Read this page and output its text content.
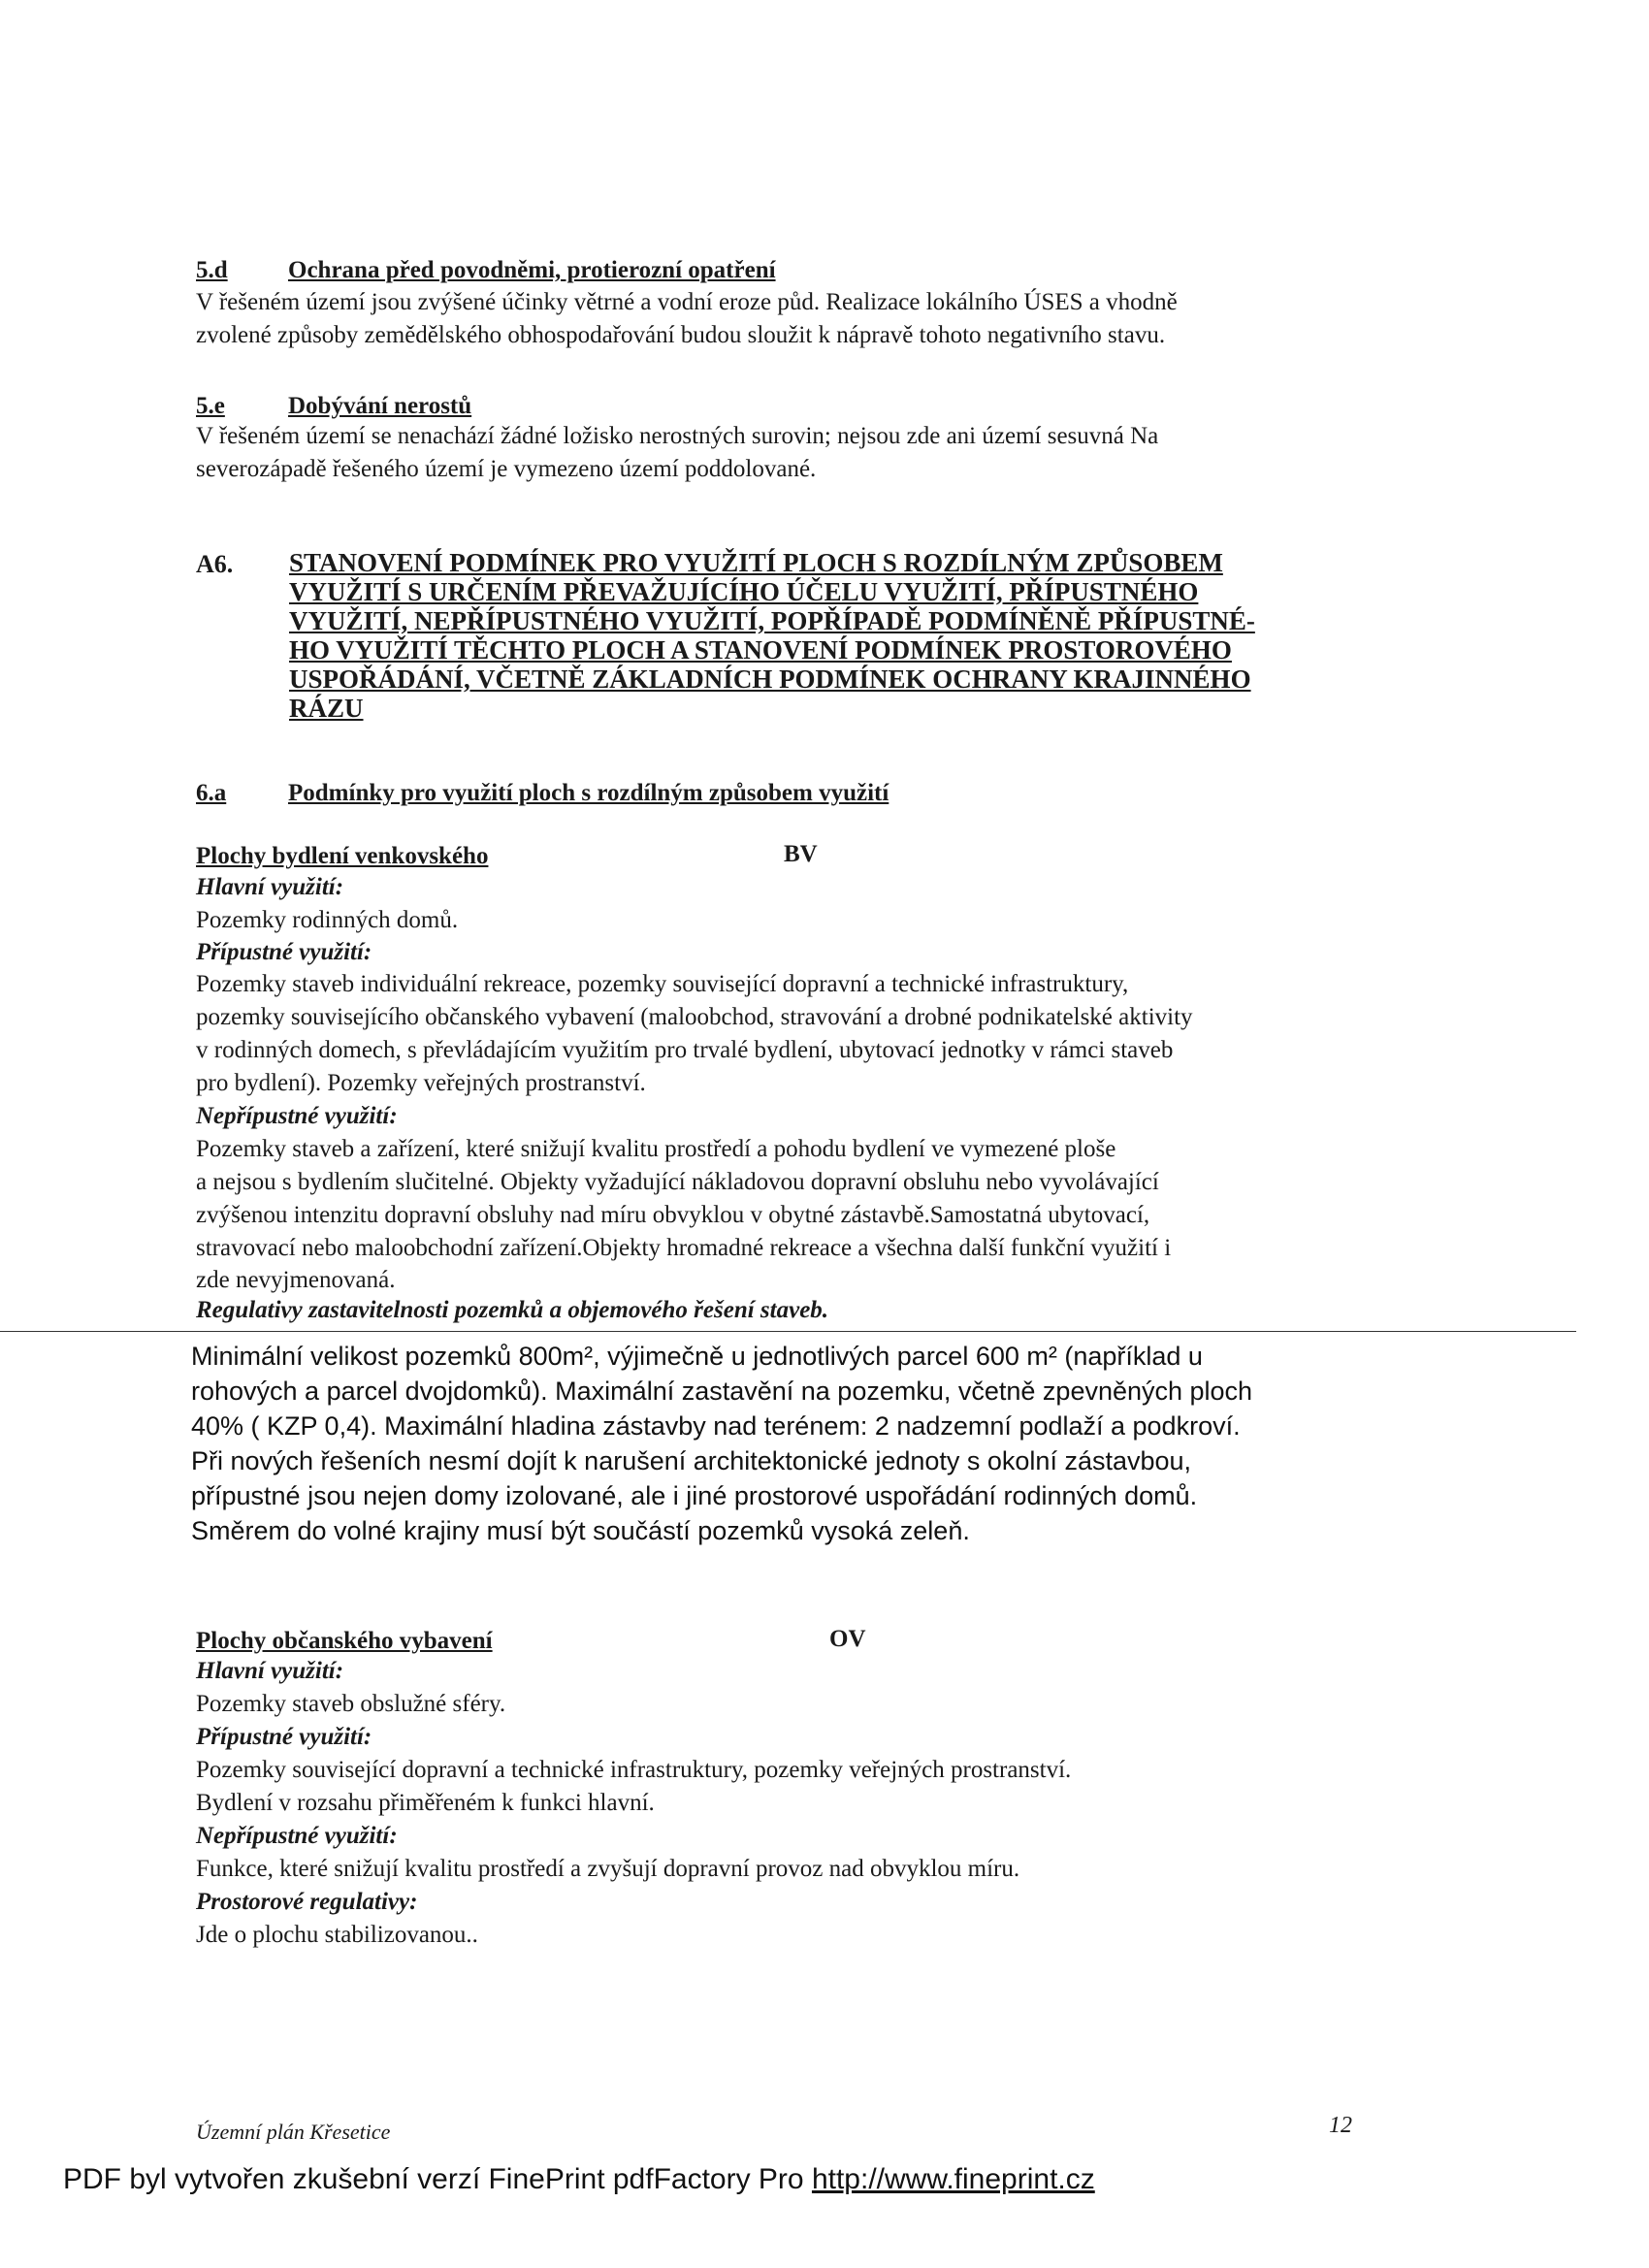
5.d Ochrana před povodněmi, protierozní opatření
V řešeném území jsou zvýšené účinky větrné a vodní eroze půd. Realizace lokálního ÚSES a vhodně
zvolené způsoby zemědělského obhospodařování budou sloužit k nápravě tohoto negativního stavu.
5.e	Dobývání nerostů
V řešeném území se nenachází žádné ložisko nerostných surovin; nejsou zde ani území sesuvná Na
severozápadě řešeného území je vymezeno území poddolované.
A6. STANOVENÍ PODMÍNEK PRO VYUŽITÍ PLOCH S ROZDÍLNÝM ZPŮSOBEM
VYUŽITÍ S URČENÍM PŘEVAŽUJÍCÍHO ÚČELU VYUŽITÍ, PŘÍPUSTNÉHO
VYUŽITÍ, NEPŘÍPUSTNÉHO VYUŽITÍ, POPŘÍPADĚ PODMÍNĚNĚ PŘÍPUSTNÉ-
HO VYUŽITÍ TĚCHTO PLOCH A STANOVENÍ PODMÍNEK PROSTOROVÉHO
USPOŘÁDÁNÍ, VČETNĚ ZÁKLADNÍCH PODMÍNEK OCHRANY KRAJINNÉHO
RÁZU
6.a	Podmínky pro využití ploch s rozdílným způsobem využití
Plochy bydlení venkovského	BV
Hlavní využití:
Pozemky rodinných domů.
Přípustné využití:
Pozemky staveb individuální rekreace, pozemky související dopravní a technické infrastruktury,
pozemky souvisejícího občanského vybavení (maloobchod, stravování a drobné podnikatelské aktivity
v rodinných domech, s převládajícím využitím pro trvalé bydlení, ubytovací jednotky v rámci staveb
pro bydlení). Pozemky veřejných prostranství.
Nepřípustné využití:
Pozemky staveb a zařízení, které snižují kvalitu prostředí a pohodu bydlení ve vymezené ploše
a nejsou s bydlením slučitelné. Objekty vyžadující nákladovou dopravní obsluhu nebo vyvolávající
zvýšenou intenzitu dopravní obsluhy nad míru obvyklou v obytné zástavbě.Samostatná ubytovací,
stravovací nebo maloobchodní zařízení.Objekty hromadné rekreace a všechna další funkční využití i
zde nevyjmenovaná.
Regulativy zastavitelnosti pozemků a objemového řešení staveb.
Minimální velikost pozemků 800m², výjimečně u jednotlivých parcel 600 m² (například u
rohových a parcel dvojdomků). Maximální zastavění na pozemku, včetně zpevněných ploch
40% ( KZP 0,4). Maximální hladina zástavby nad terénem: 2 nadzemní podlaží a podkroví.
Při nových řešeních nesmí dojít k narušení architektonické jednoty s okolní zástavbou,
přípustné jsou nejen domy izolované, ale i jiné prostorové uspořádání rodinných domů.
Směrem do volné krajiny musí být součástí pozemků vysoká zeleň.
Plochy občanského vybavení	OV
Hlavní využití:
Pozemky staveb obslužné sféry.
Přípustné využití:
Pozemky související dopravní a technické infrastruktury, pozemky veřejných prostranství.
Bydlení v rozsahu přiměřeném k funkci hlavní.
Nepřípustné využití:
Funkce, které snižují kvalitu prostředí a zvyšují dopravní provoz nad obvyklou míru.
Prostorové regulativy:
Jde o plochu stabilizovanou..
Územní plán Křesetice	12
PDF byl vytvořen zkušební verzí FinePrint pdfFactory Pro http://www.fineprint.cz
